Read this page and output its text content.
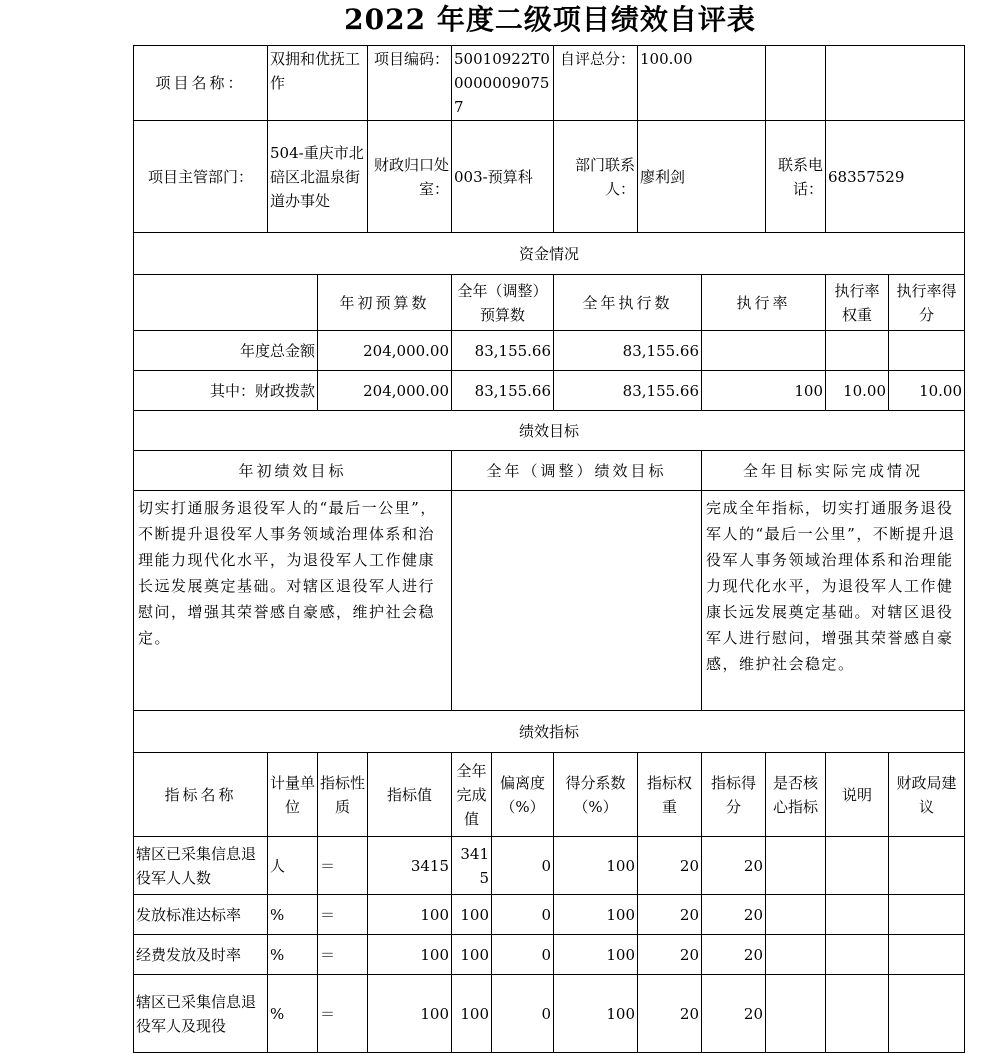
2022 年度二级项目绩效自评表
项目名称：	双拥和优抚工作		项目编码：	50010922T000000090757		自评总分：	100.00				
项目主管部门：	504-重庆市北碚区北温泉街道办事处		财政归口处室：	003-预算科		部门联系人：	廖利剑		联系电话：	68357529	
资金情况											
		年初预算数		全年（调整）预算数		全年执行数		执行率		执行率权重	执行率得分
年度总金额		204,000.00		83,155.66		83,155.66					
其中：财政拨款		204,000.00		83,155.66		83,155.66		100		10.00	10.00
绩效目标											
年初绩效目标				全年（调整）绩效目标				全年目标实际完成情况			
切实打通服务退役军人的“最后一公里”，不断提升退役军人事务领域治理体系和治理能力现代化水平，为退役军人工作健康长远发展奠定基础。对辖区退役军人进行慰问，增强其荣誉感自豪感，维护社会稳定。								完成全年指标，切实打通服务退役军人的“最后一公里”，不断提升退役军人事务领域治理体系和治理能力现代化水平，为退役军人工作健康长远发展奠定基础。对辖区退役军人进行慰问，增强其荣誉感自豪感，维护社会稳定。			
绩效指标											
指标名称	计量单位	指标性质	指标值	全年完成值	偏离度（%）	得分系数（%）	指标权重	指标得分	是否核心指标	说明	财政局建议
辖区已采集信息退役军人人数	人	＝	3415	3415	0	100	20	20			
发放标准达标率	%	＝	100	100	0	100	20	20			
经费发放及时率	%	＝	100	100	0	100	20	20			
辖区已采集信息退役军人及现役	%	＝	100	100	0	100	20	20			
